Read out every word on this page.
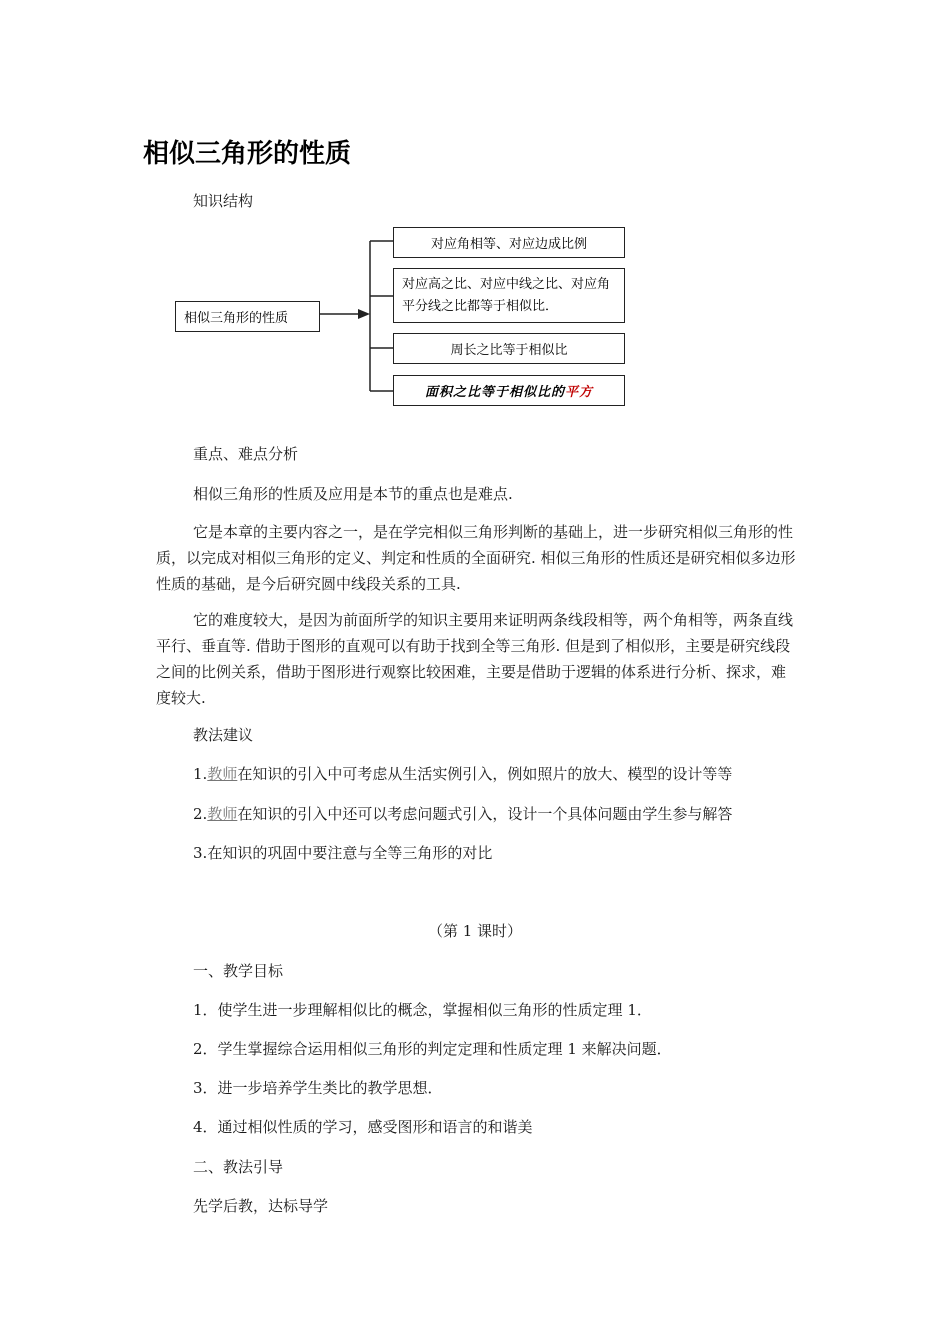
相似三角形的性质
知识结构
相似三角形的性质
对应角相等、对应边成比例
对应高之比、对应中线之比、对应角平分线之比都等于相似比．
周长之比等于相似比
面积之比等于相似比的平方
重点、难点分析
相似三角形的性质及应用是本节的重点也是难点.
它是本章的主要内容之一，是在学完相似三角形判断的基础上，进一步研究相似三角形的性质，以完成对相似三角形的定义、判定和性质的全面研究. 相似三角形的性质还是研究相似多边形性质的基础，是今后研究圆中线段关系的工具.
它的难度较大，是因为前面所学的知识主要用来证明两条线段相等，两个角相等，两条直线平行、垂直等. 借助于图形的直观可以有助于找到全等三角形. 但是到了相似形，主要是研究线段之间的比例关系，借助于图形进行观察比较困难，主要是借助于逻辑的体系进行分析、探求，难度较大.
教法建议
1.教师在知识的引入中可考虑从生活实例引入，例如照片的放大、模型的设计等等
2.教师在知识的引入中还可以考虑问题式引入，设计一个具体问题由学生参与解答
3.在知识的巩固中要注意与全等三角形的对比
（第 1 课时）
一、教学目标
1．使学生进一步理解相似比的概念，掌握相似三角形的性质定理 1．
2．学生掌握综合运用相似三角形的判定定理和性质定理 1 来解决问题．
3．进一步培养学生类比的教学思想．
4．通过相似性质的学习，感受图形和语言的和谐美
二、教法引导
先学后教，达标导学
